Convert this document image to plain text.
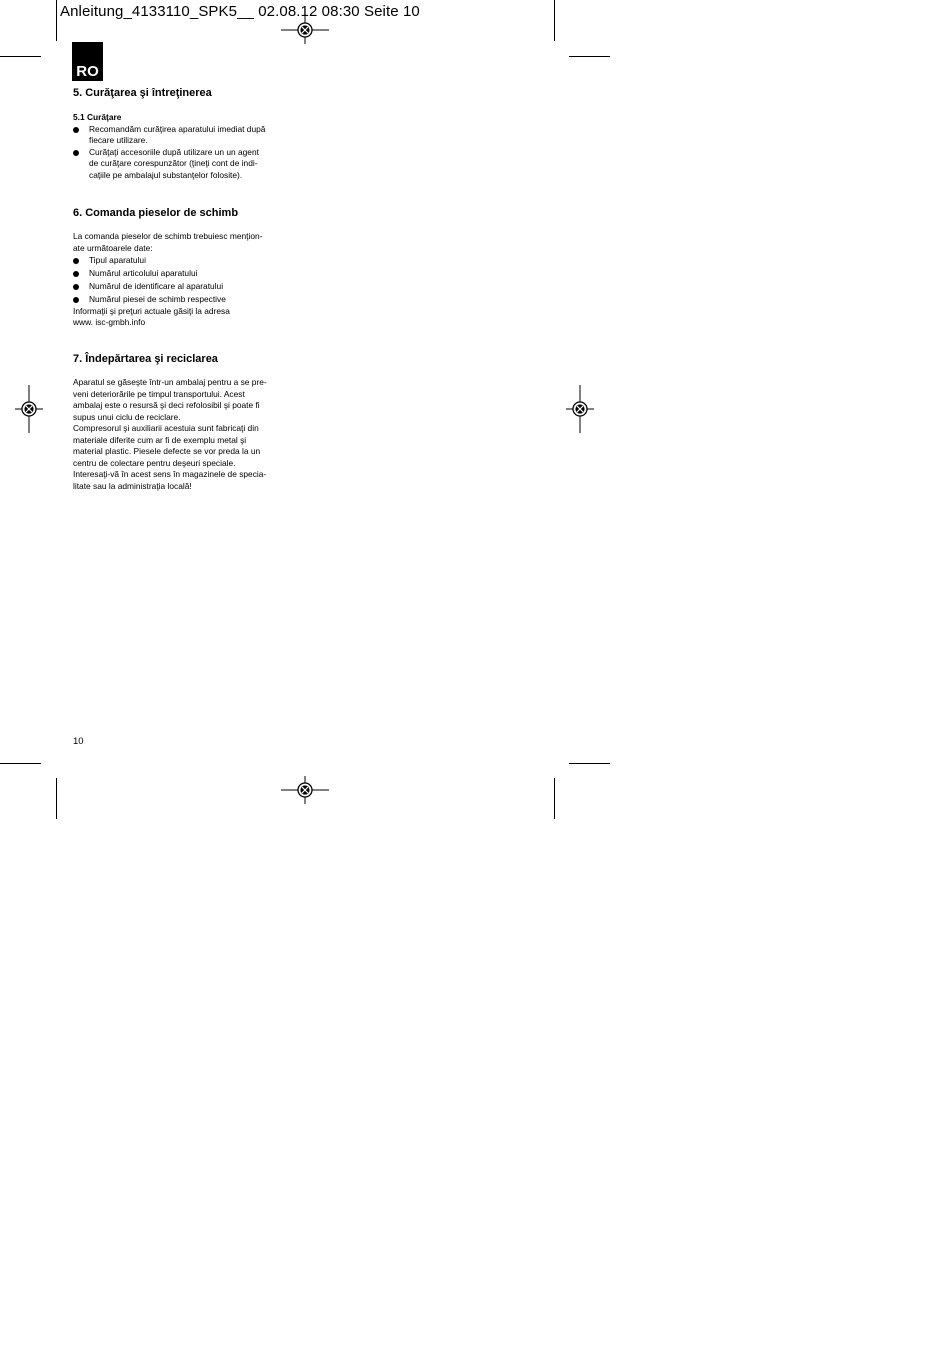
Anleitung_4133110_SPK5__ 02.08.12 08:30 Seite 10
RO
5. Curăţarea şi întreţinerea
5.1 Curăţare
Recomandăm curăţirea aparatului imediat după
fiecare utilizare.
Curăţaţi accesoriile după utilizare un un agent
de curăţare corespunzător (ţineţi cont de indi-
caţiile pe ambalajul substanţelor folosite).
6. Comanda pieselor de schimb
La comanda pieselor de schimb trebuiesc menţion-
ate următoarele date:
Tipul aparatului
Numărul articolului aparatului
Numărul de identificare al aparatului
Numărul piesei de schimb respective
Informaţii şi preţuri actuale găsiţi la adresa
www. isc-gmbh.info
7. Îndepărtarea şi reciclarea
Aparatul se găseşte într-un ambalaj pentru a se pre-
veni deteriorările pe timpul transportului. Acest
ambalaj este o resursă şi deci refolosibil şi poate fi
supus unui ciclu de reciclare.
Compresorul şi auxiliarii acestuia sunt fabricaţi din
materiale diferite cum ar fi de exemplu metal şi
material plastic. Piesele defecte se vor preda la un
centru de colectare pentru deşeuri speciale.
Interesaţi-vă în acest sens în magazinele de specia-
litate sau la administraţia locală!
10
